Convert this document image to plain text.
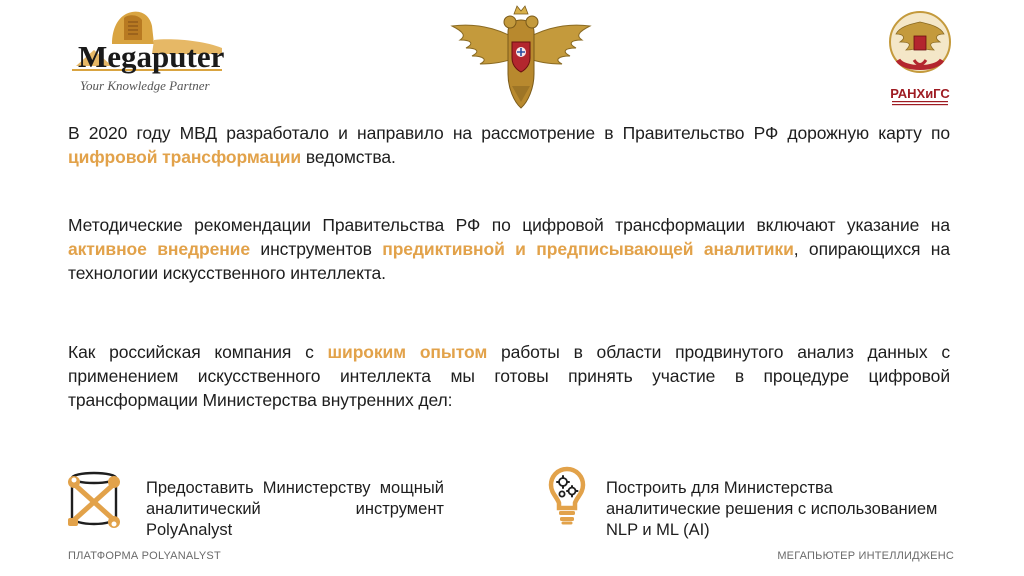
Megaputer
Your Knowledge Partner
РАНХиГС
В 2020 году МВД разработало и направило на рассмотрение в Правительство РФ дорожную карту по цифровой трансформации ведомства.
Методические рекомендации Правительства РФ по цифровой трансформации включают указание на активное внедрение инструментов предиктивной и предписывающей аналитики, опирающихся на технологии искусственного интеллекта.
Как российская компания с широким опытом работы в области продвинутого анализ данных с применением искусственного интеллекта мы готовы принять участие в процедуре цифровой трансформации Министерства внутренних дел:
Предоставить Министерству мощный аналитический инструмент PolyAnalyst
Построить для Министерства аналитические решения с использованием NLP и ML (AI)
ПЛАТФОРМА POLYANALYST	МЕГАПЬЮТЕР ИНТЕЛЛИДЖЕНС
